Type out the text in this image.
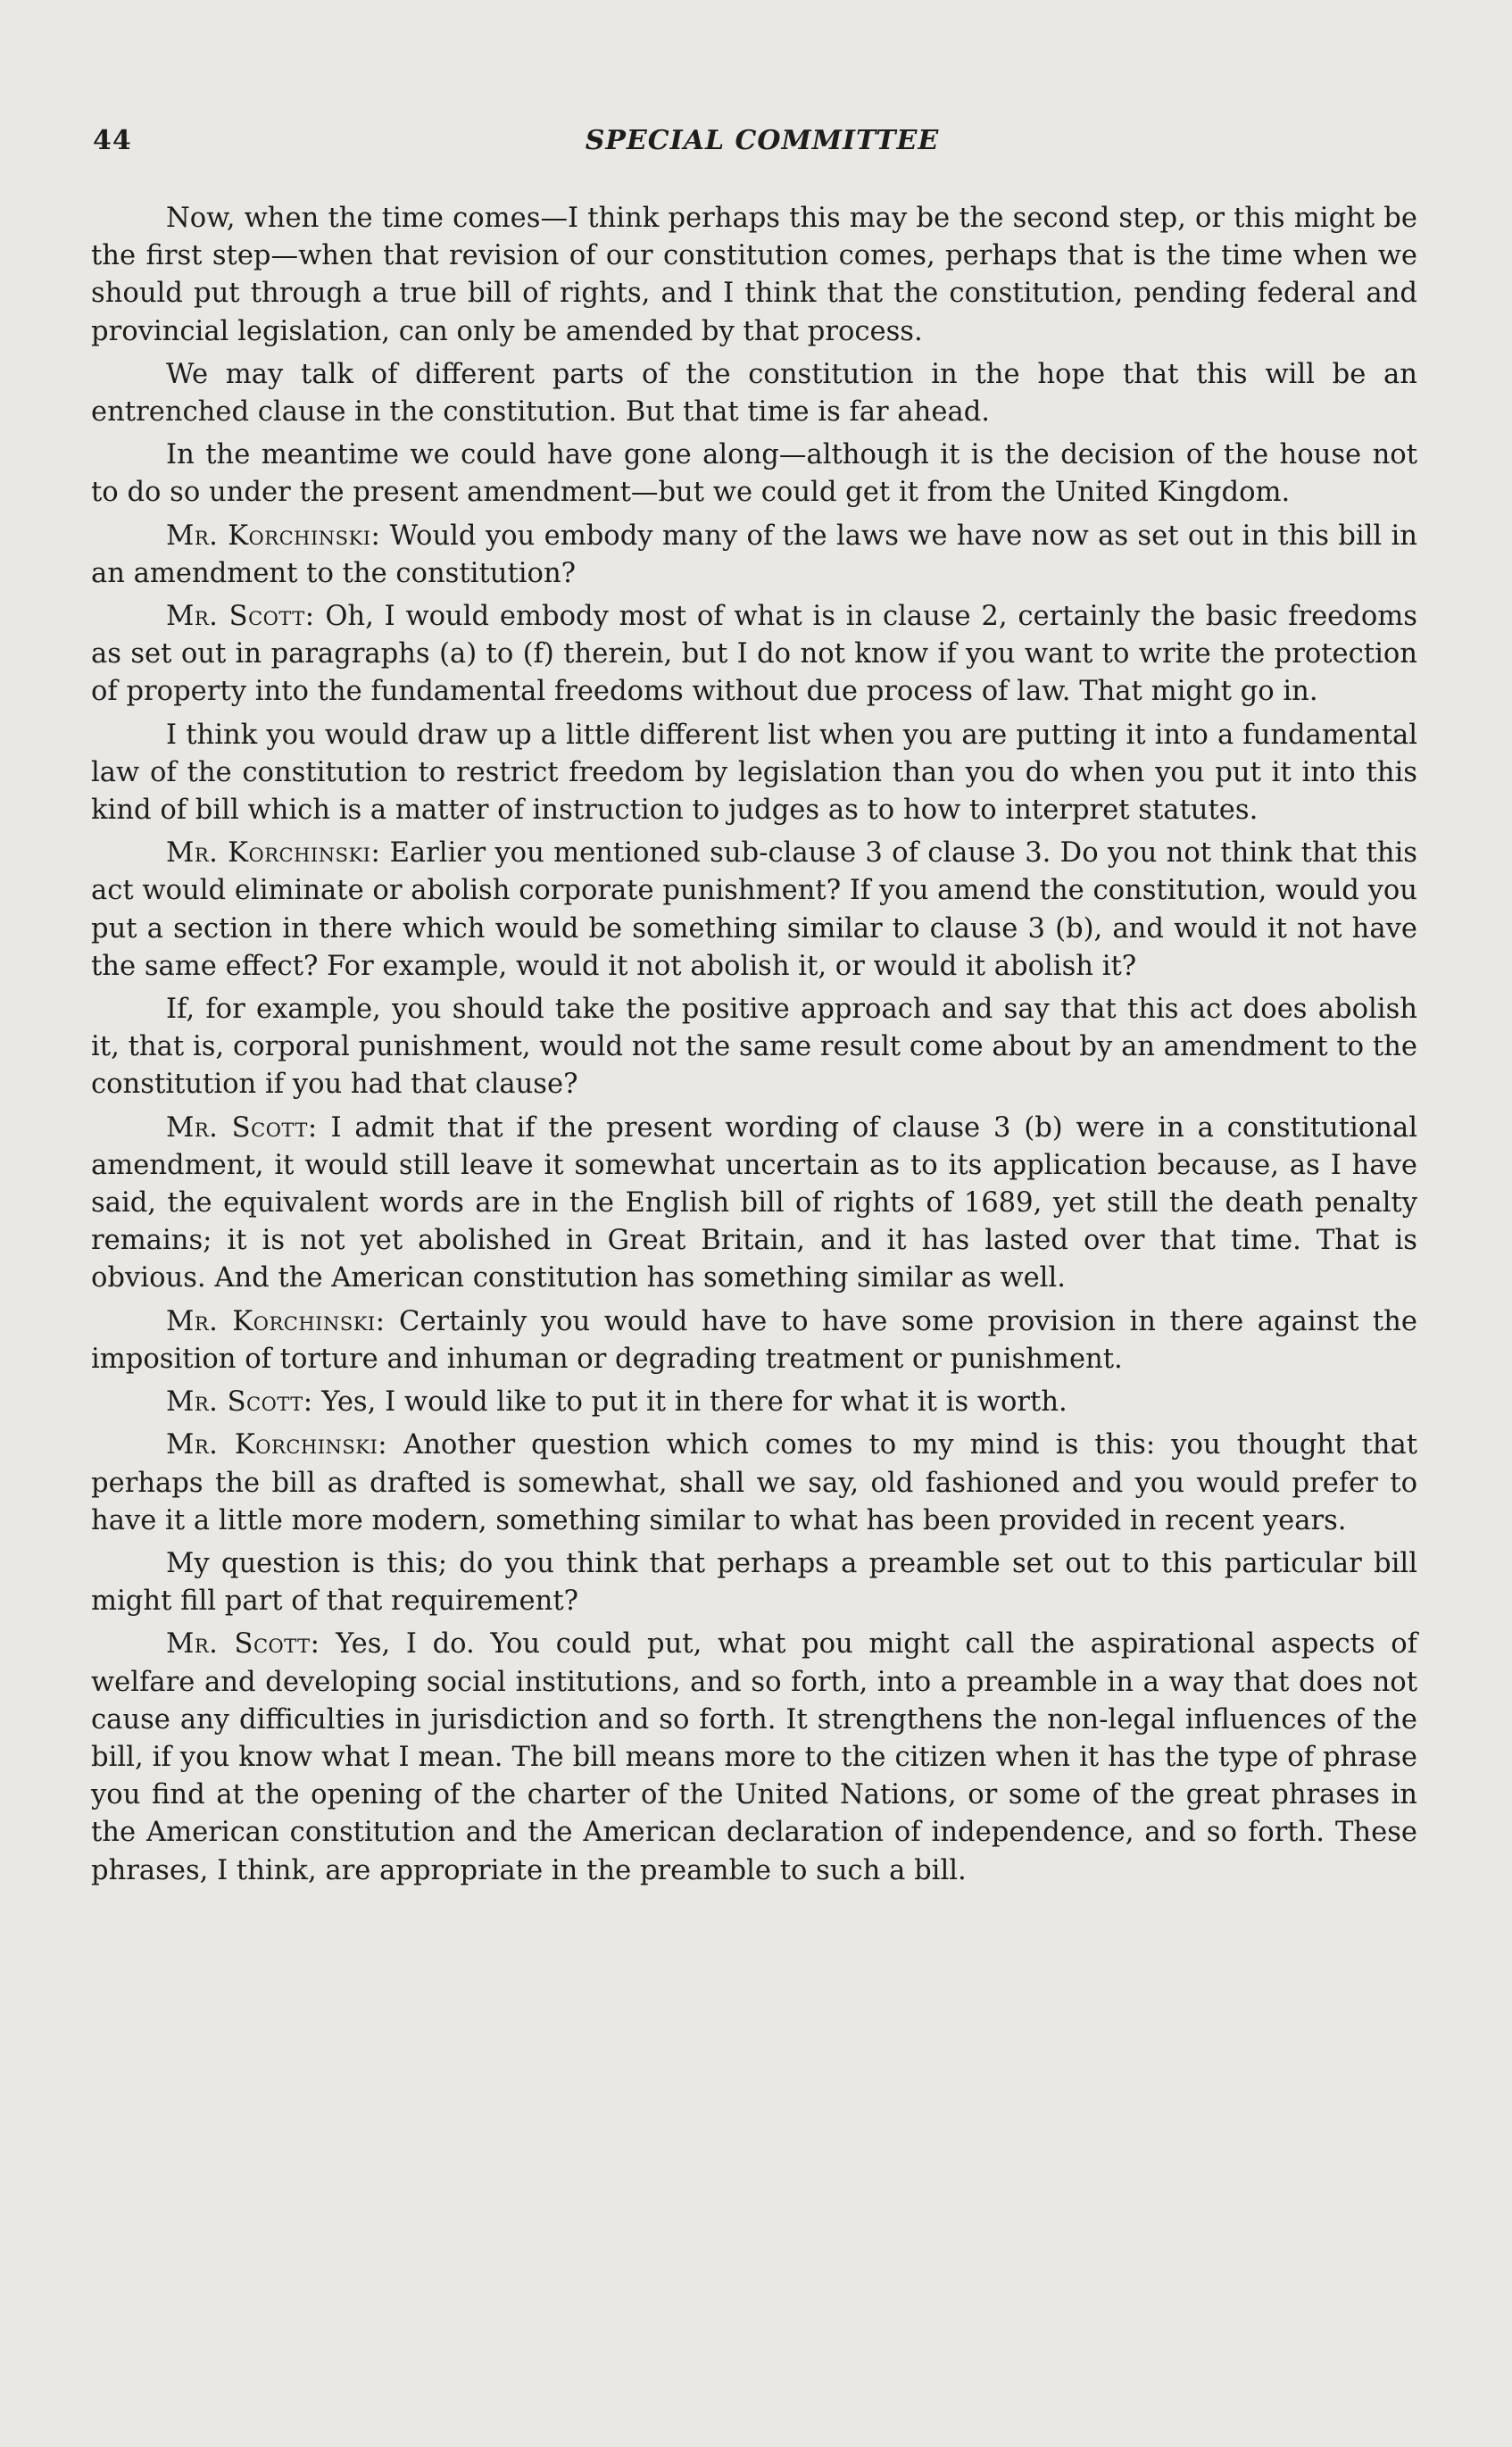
44	SPECIAL COMMITTEE

Now, when the time comes—I think perhaps this may be the second step, or this might be the first step—when that revision of our constitution comes, perhaps that is the time when we should put through a true bill of rights, and I think that the constitution, pending federal and provincial legislation, can only be amended by that process.

We may talk of different parts of the constitution in the hope that this will be an entrenched clause in the constitution. But that time is far ahead.

In the meantime we could have gone along—although it is the decision of the house not to do so under the present amendment—but we could get it from the United Kingdom.

Mr. Korchinski: Would you embody many of the laws we have now as set out in this bill in an amendment to the constitution?

Mr. Scott: Oh, I would embody most of what is in clause 2, certainly the basic freedoms as set out in paragraphs (a) to (f) therein, but I do not know if you want to write the protection of property into the fundamental freedoms without due process of law. That might go in.

I think you would draw up a little different list when you are putting it into a fundamental law of the constitution to restrict freedom by legislation than you do when you put it into this kind of bill which is a matter of instruction to judges as to how to interpret statutes.

Mr. Korchinski: Earlier you mentioned sub-clause 3 of clause 3. Do you not think that this act would eliminate or abolish corporate punishment? If you amend the constitution, would you put a section in there which would be something similar to clause 3 (b), and would it not have the same effect? For example, would it not abolish it, or would it abolish it?

If, for example, you should take the positive approach and say that this act does abolish it, that is, corporal punishment, would not the same result come about by an amendment to the constitution if you had that clause?

Mr. Scott: I admit that if the present wording of clause 3 (b) were in a constitutional amendment, it would still leave it somewhat uncertain as to its application because, as I have said, the equivalent words are in the English bill of rights of 1689, yet still the death penalty remains; it is not yet abolished in Great Britain, and it has lasted over that time. That is obvious. And the American constitution has something similar as well.

Mr. Korchinski: Certainly you would have to have some provision in there against the imposition of torture and inhuman or degrading treatment or punishment.

Mr. Scott: Yes, I would like to put it in there for what it is worth.

Mr. Korchinski: Another question which comes to my mind is this: you thought that perhaps the bill as drafted is somewhat, shall we say, old fashioned and you would prefer to have it a little more modern, something similar to what has been provided in recent years.

My question is this; do you think that perhaps a preamble set out to this particular bill might fill part of that requirement?

Mr. Scott: Yes, I do. You could put, what pou might call the aspirational aspects of welfare and developing social institutions, and so forth, into a preamble in a way that does not cause any difficulties in jurisdiction and so forth. It strengthens the non-legal influences of the bill, if you know what I mean. The bill means more to the citizen when it has the type of phrase you find at the opening of the charter of the United Nations, or some of the great phrases in the American constitution and the American declaration of independence, and so forth. These phrases, I think, are appropriate in the preamble to such a bill.
